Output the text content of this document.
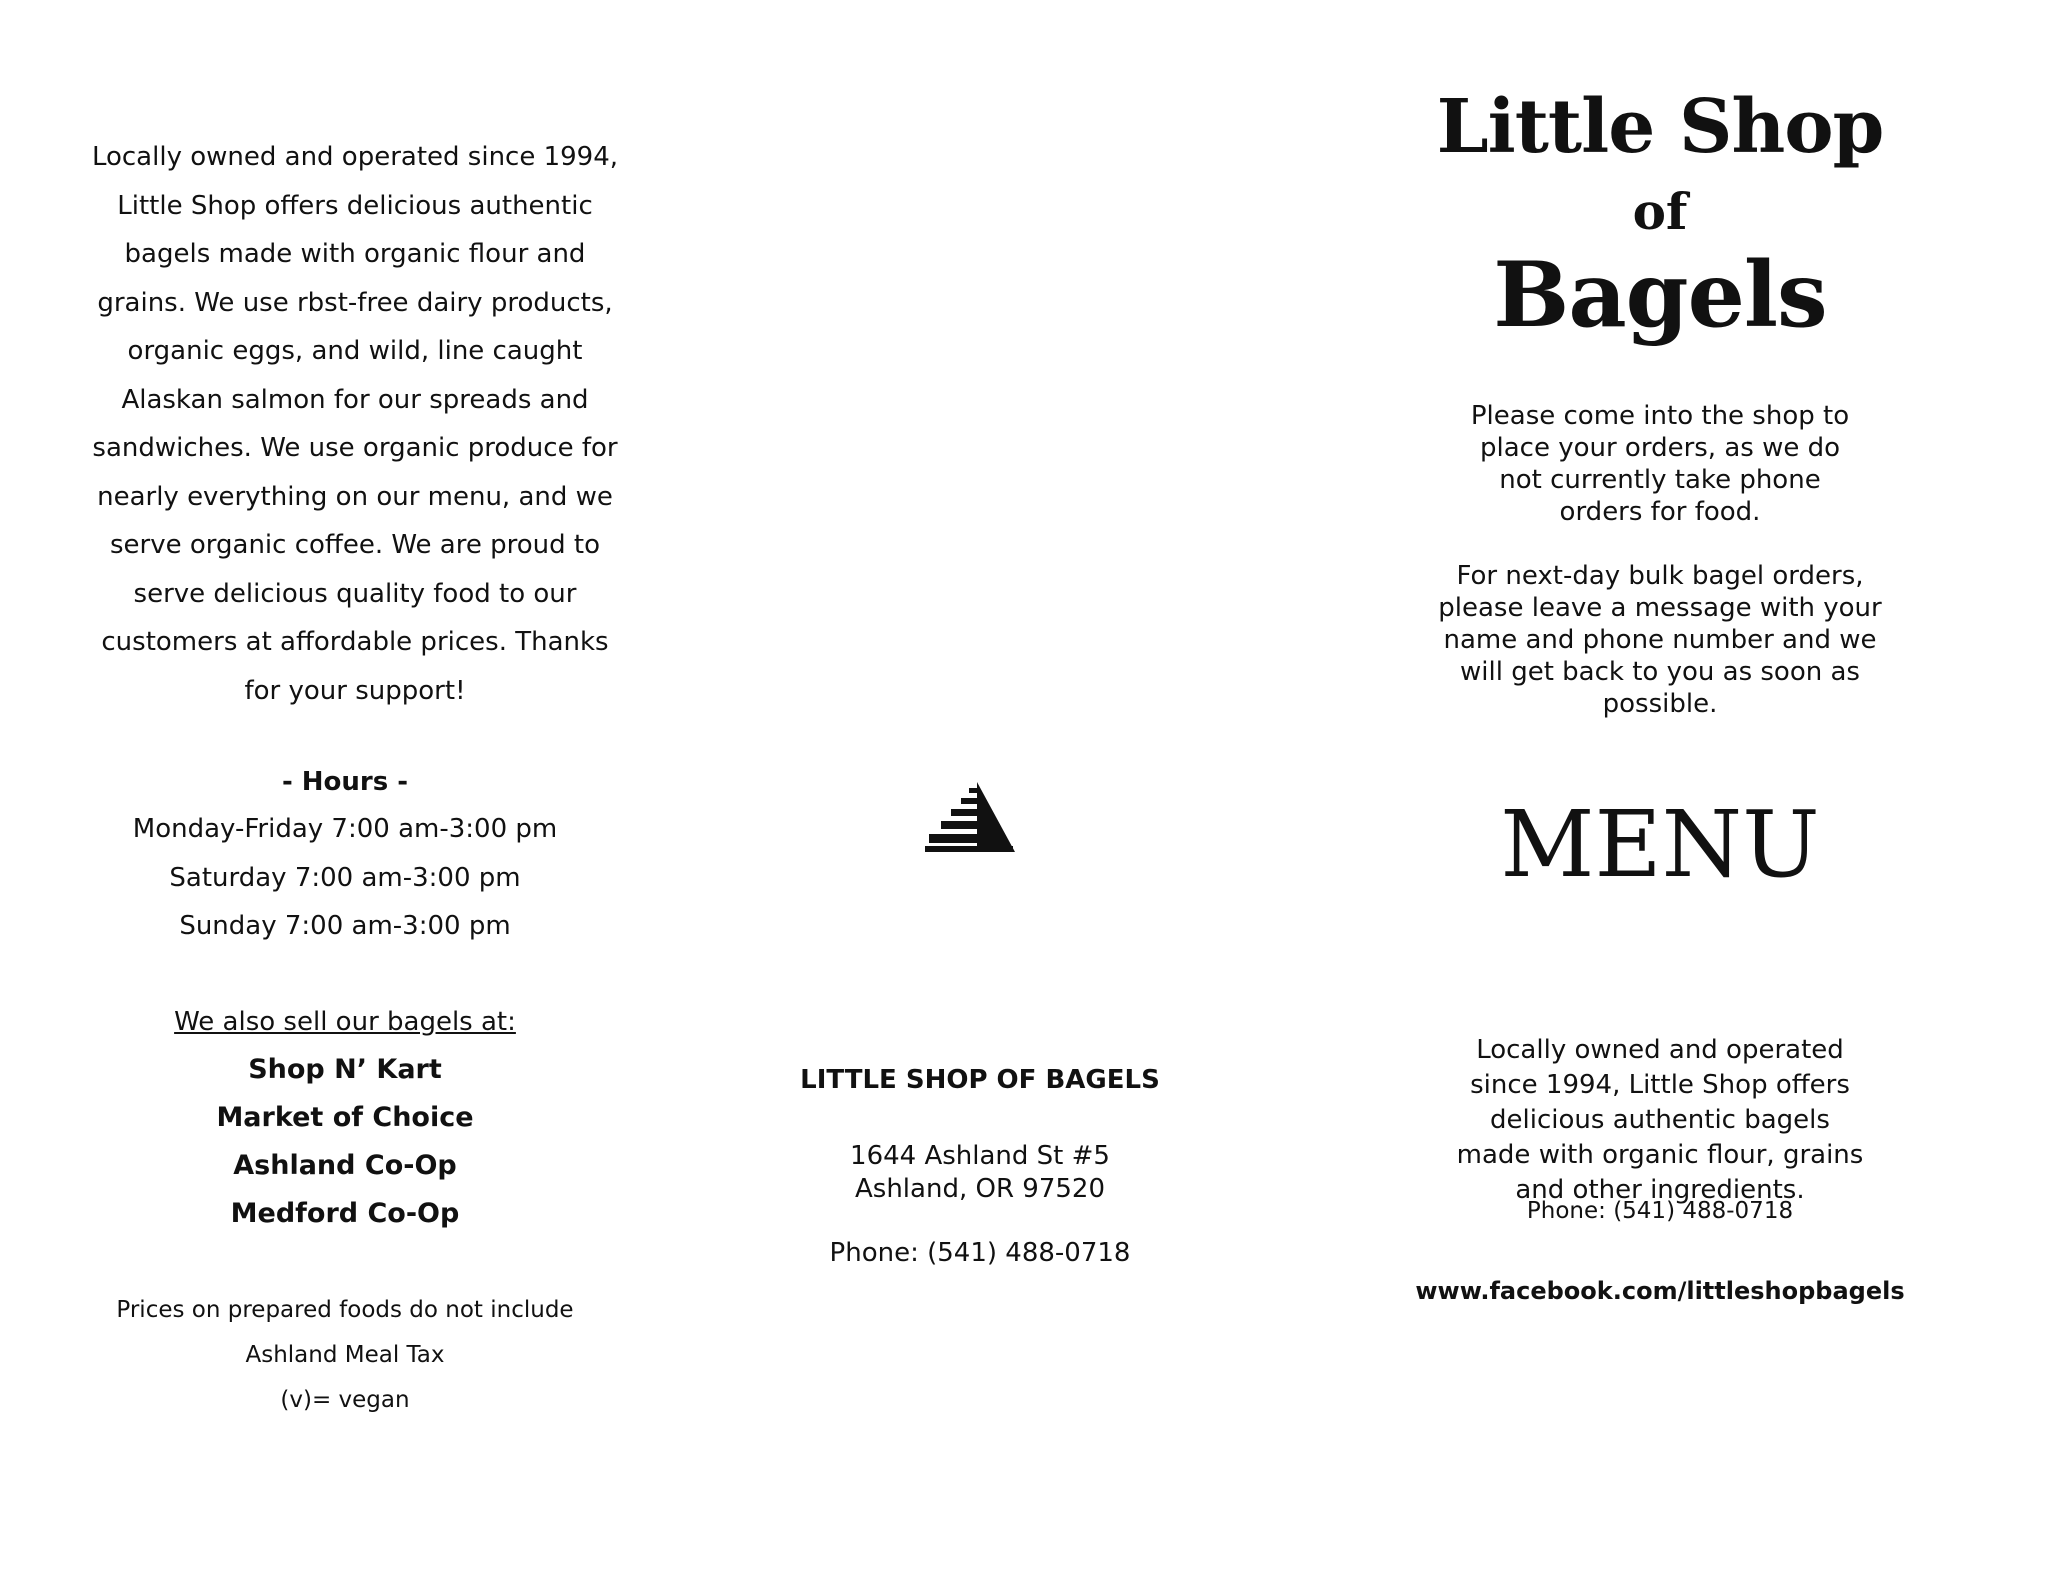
Locally owned and operated since 1994, Little Shop offers delicious authentic bagels made with organic flour and grains. We use rbst-free dairy products, organic eggs, and wild, line caught Alaskan salmon for our spreads and sandwiches. We use organic produce for nearly everything on our menu, and we serve organic coffee. We are proud to serve delicious quality food to our customers at affordable prices. Thanks for your support!

- Hours -
Monday-Friday 7:00 am-3:00 pm
Saturday 7:00 am-3:00 pm
Sunday 7:00 am-3:00 pm
We also sell our bagels at:
Shop N’ Kart
Market of Choice
Ashland Co-Op
Medford Co-Op
Prices on prepared foods do not include
Ashland Meal Tax
(v)= vegan
LITTLE SHOP OF BAGELS
1644 Ashland St #5
Ashland, OR 97520
Phone: (541) 488-0718
Little Shop
of
Bagels
Please come into the shop to place your orders, as we do not currently take phone orders for food.
For next-day bulk bagel orders, please leave a message with your name and phone number and we will get back to you as soon as possible.
MENU
Locally owned and operated since 1994, Little Shop offers delicious authentic bagels made with organic flour, grains and other ingredients.
Phone: (541) 488-0718
www.facebook.com/littleshopbagels
